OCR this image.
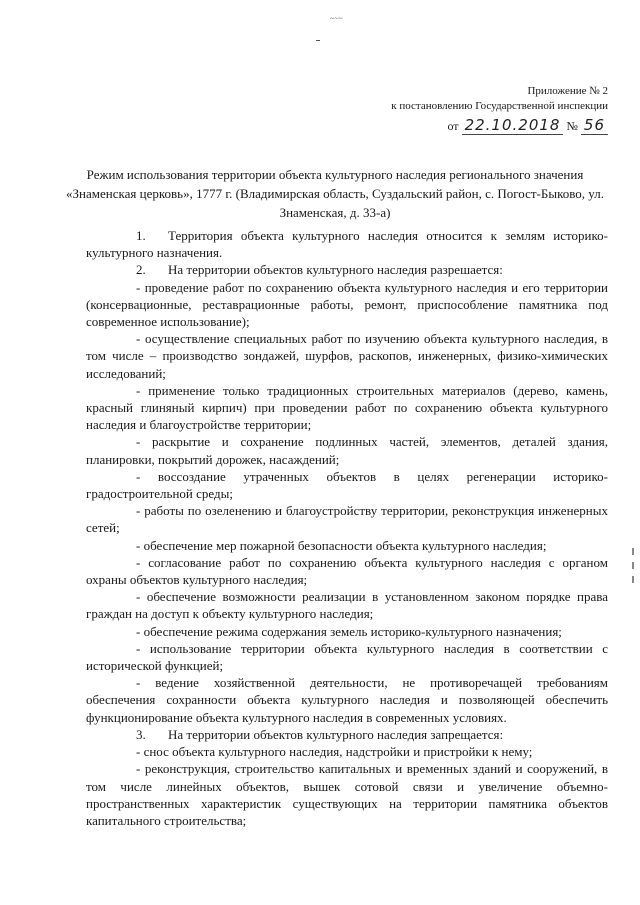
~~~
Приложение № 2
к постановлению Государственной инспекции
от 22.10.2018 № 56
Режим использования территории объекта культурного наследия регионального значения «Знаменская церковь», 1777 г. (Владимирская область, Суздальский район, с. Погост-Быково, ул. Знаменская, д. 33-а)

1. Территория объекта культурного наследия относится к землям историко-культурного назначения.

2. На территории объектов культурного наследия разрешается:

- проведение работ по сохранению объекта культурного наследия и его территории (консервационные, реставрационные работы, ремонт, приспособление памятника под современное использование);

- осуществление специальных работ по изучению объекта культурного наследия, в том числе – производство зондажей, шурфов, раскопов, инженерных, физико-химических исследований;

- применение только традиционных строительных материалов (дерево, камень, красный глиняный кирпич) при проведении работ по сохранению объекта культурного наследия и благоустройстве территории;

- раскрытие и сохранение подлинных частей, элементов, деталей здания, планировки, покрытий дорожек, насаждений;

- воссоздание утраченных объектов в целях регенерации историко-градостроительной среды;

- работы по озеленению и благоустройству территории, реконструкция инженерных сетей;

- обеспечение мер пожарной безопасности объекта культурного наследия;

- согласование работ по сохранению объекта культурного наследия с органом охраны объектов культурного наследия;

- обеспечение возможности реализации в установленном законом порядке права граждан на доступ к объекту культурного наследия;

- обеспечение режима содержания земель историко-культурного назначения;

- использование территории объекта культурного наследия в соответствии с исторической функцией;

- ведение хозяйственной деятельности, не противоречащей требованиям обеспечения сохранности объекта культурного наследия и позволяющей обеспечить функционирование объекта культурного наследия в современных условиях.

3. На территории объектов культурного наследия запрещается:

- снос объекта культурного наследия, надстройки и пристройки к нему;

- реконструкция, строительство капитальных и временных зданий и сооружений, в том числе линейных объектов, вышек сотовой связи и увеличение объемно-пространственных характеристик существующих на территории памятника объектов капитального строительства;
